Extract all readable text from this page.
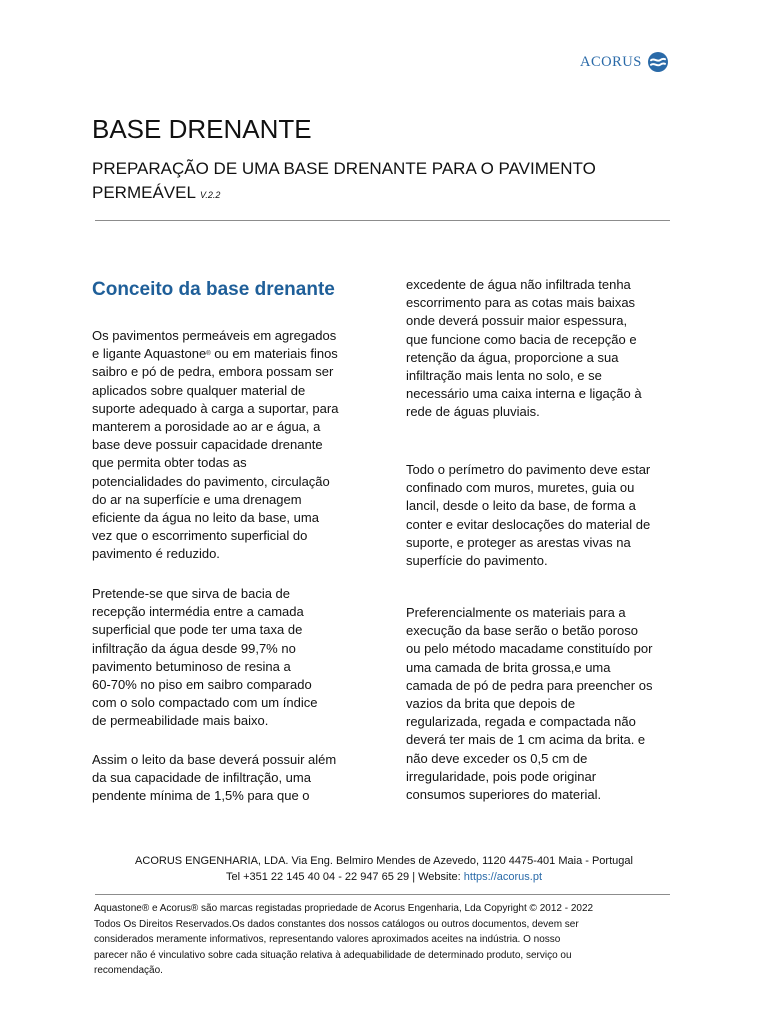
ACORUS
BASE DRENANTE

PREPARAÇÃO DE UMA BASE DRENANTE PARA O PAVIMENTO PERMEÁVEL V.2.2

Conceito da base drenante

Os pavimentos permeáveis em agregados
e ligante Aquastone® ou em materiais finos
saibro e pó de pedra, embora possam ser
aplicados sobre qualquer material de
suporte adequado à carga a suportar, para
manterem a porosidade ao ar e água, a
base deve possuir capacidade drenante
que permita obter todas as
potencialidades do pavimento, circulação
do ar na superfície e uma drenagem
eficiente da água no leito da base, uma
vez que o escorrimento superficial do
pavimento é reduzido.

Pretende-se que sirva de bacia de
recepção intermédia entre a camada
superficial que pode ter uma taxa de
infiltração da água desde 99,7% no
pavimento betuminoso de resina a
60-70% no piso em saibro comparado
com o solo compactado com um índice
de permeabilidade mais baixo.

Assim o leito da base deverá possuir além
da sua capacidade de infiltração, uma
pendente mínima de 1,5% para que o

excedente de água não infiltrada tenha
escorrimento para as cotas mais baixas
onde deverá possuir maior espessura,
que funcione como bacia de recepção e
retenção da água, proporcione a sua
infiltração mais lenta no solo, e se
necessário uma caixa interna e ligação à
rede de águas pluviais.

Todo o perímetro do pavimento deve estar
confinado com muros, muretes, guia ou
lancil, desde o leito da base, de forma a
conter e evitar deslocações do material de
suporte, e proteger as arestas vivas na
superfície do pavimento.

Preferencialmente os materiais para a
execução da base serão o betão poroso
ou pelo método macadame constituído por
uma camada de brita grossa,e uma
camada de pó de pedra para preencher os
vazios da brita que depois de
regularizada, regada e compactada não
deverá ter mais de 1 cm acima da brita. e
não deve exceder os 0,5 cm de
irregularidade, pois pode originar
consumos superiores do material.

ACORUS ENGENHARIA, LDA. Via Eng. Belmiro Mendes de Azevedo, 1120 4475-401 Maia - Portugal
Tel +351 22 145 40 04 - 22 947 65 29 | Website: https://acorus.pt

Aquastone® e Acorus® são marcas registadas propriedade de Acorus Engenharia, Lda Copyright © 2012 - 2022
Todos Os Direitos Reservados.Os dados constantes dos nossos catálogos ou outros documentos, devem ser
considerados meramente informativos, representando valores aproximados aceites na indústria. O nosso
parecer não é vinculativo sobre cada situação relativa à adequabilidade de determinado produto, serviço ou
recomendação.
